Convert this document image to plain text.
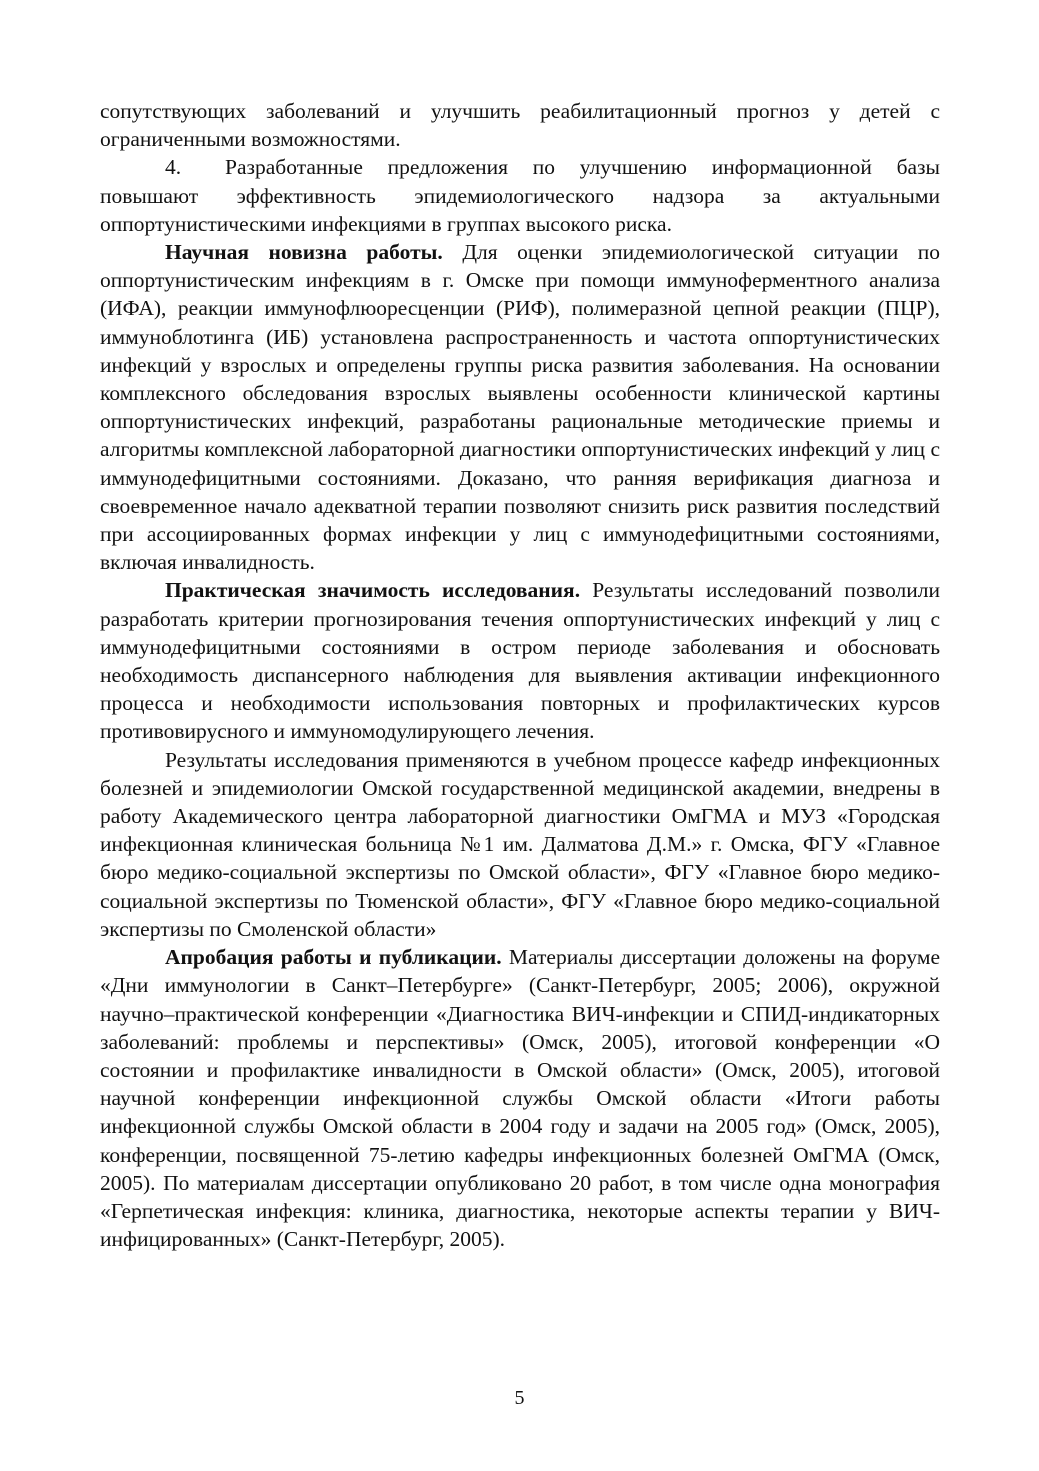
сопутствующих заболеваний и улучшить реабилитационный прогноз у детей с ограниченными возможностями.

4. Разработанные предложения по улучшению информационной базы повышают эффективность эпидемиологического надзора за актуальными оппортунистическими инфекциями в группах высокого риска.

Научная новизна работы. Для оценки эпидемиологической ситуации по оппортунистическим инфекциям в г. Омске при помощи иммуноферментного анализа (ИФА), реакции иммунофлюоресценции (РИФ), полимеразной цепной реакции (ПЦР), иммуноблотинга (ИБ) установлена распространенность и частота оппортунистических инфекций у взрослых и определены группы риска развития заболевания. На основании комплексного обследования взрослых выявлены особенности клинической картины оппортунистических инфекций, разработаны рациональные методические приемы и алгоритмы комплексной лабораторной диагностики оппортунистических инфекций у лиц с иммунодефицитными состояниями. Доказано, что ранняя верификация диагноза и своевременное начало адекватной терапии позволяют снизить риск развития последствий при ассоциированных формах инфекции у лиц с иммунодефицитными состояниями, включая инвалидность.

Практическая значимость исследования. Результаты исследований позволили разработать критерии прогнозирования течения оппортунистических инфекций у лиц с иммунодефицитными состояниями в остром периоде заболевания и обосновать необходимость диспансерного наблюдения для выявления активации инфекционного процесса и необходимости использования повторных и профилактических курсов противовирусного и иммуномодулирующего лечения.

Результаты исследования применяются в учебном процессе кафедр инфекционных болезней и эпидемиологии Омской государственной медицинской академии, внедрены в работу Академического центра лабораторной диагностики ОмГМА и МУЗ «Городская инфекционная клиническая больница №1 им. Далматова Д.М.» г. Омска, ФГУ «Главное бюро медико-социальной экспертизы по Омской области», ФГУ «Главное бюро медико-социальной экспертизы по Тюменской области», ФГУ «Главное бюро медико-социальной экспертизы по Смоленской области»

Апробация работы и публикации. Материалы диссертации доложены на форуме «Дни иммунологии в Санкт–Петербурге» (Санкт-Петербург, 2005; 2006), окружной научно–практической конференции «Диагностика ВИЧ-инфекции и СПИД-индикаторных заболеваний: проблемы и перспективы» (Омск, 2005), итоговой конференции «О состоянии и профилактике инвалидности в Омской области» (Омск, 2005), итоговой научной конференции инфекционной службы Омской области «Итоги работы инфекционной службы Омской области в 2004 году и задачи на 2005 год» (Омск, 2005), конференции, посвященной 75-летию кафедры инфекционных болезней ОмГМА (Омск, 2005). По материалам диссертации опубликовано 20 работ, в том числе одна монография «Герпетическая инфекция: клиника, диагностика, некоторые аспекты терапии у ВИЧ-инфицированных» (Санкт-Петербург, 2005).

5
